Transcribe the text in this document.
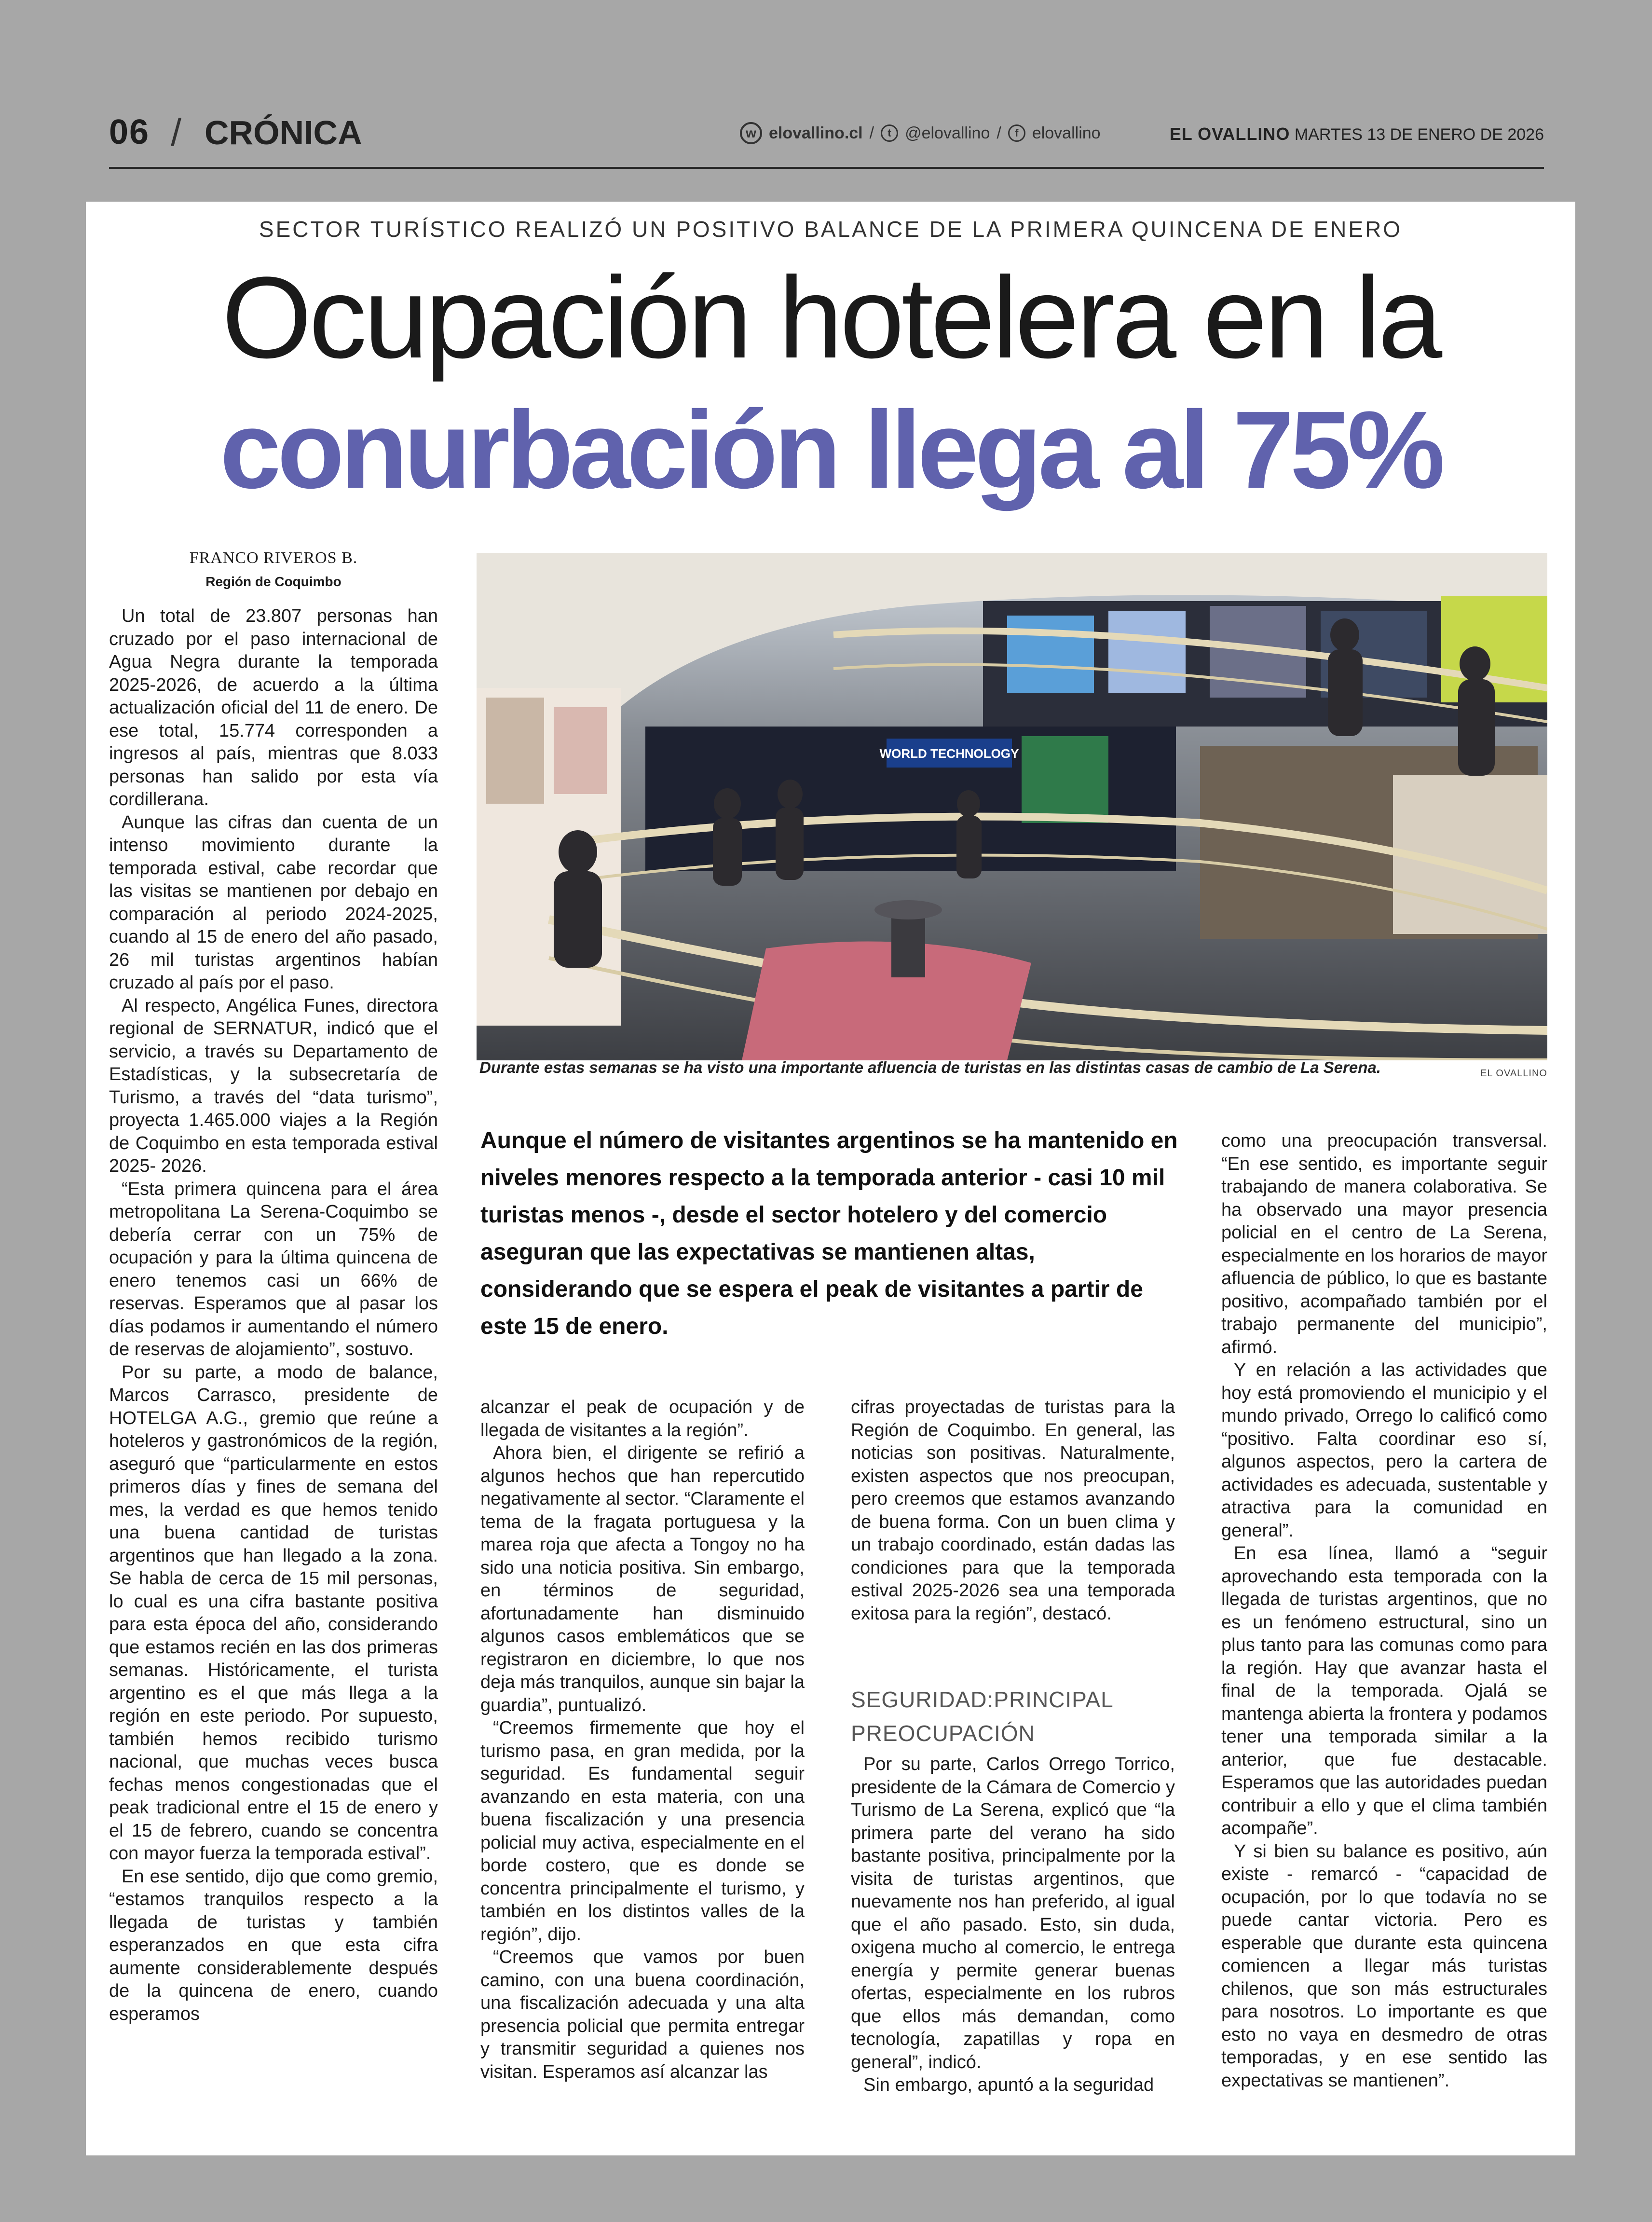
06 / CRÓNICA	w elovallino.cl /	t @elovallino /	f elovallino	EL OVALLINO MARTES 13 DE ENERO DE 2026
SECTOR TURÍSTICO REALIZÓ UN POSITIVO BALANCE DE LA PRIMERA QUINCENA DE ENERO
Ocupación hotelera en la
conurbación llega al 75%
FRANCO RIVEROS B.
Región de Coquimbo

Un total de 23.807 personas han cruzado por el paso internacional de Agua Negra durante la temporada 2025-2026, de acuerdo a la última actualización oficial del 11 de enero. De ese total, 15.774 corresponden a ingresos al país, mientras que 8.033 personas han salido por esta vía cordillerana.

Aunque las cifras dan cuenta de un intenso movimiento durante la temporada estival, cabe recordar que las visitas se mantienen por debajo en comparación al periodo 2024-2025, cuando al 15 de enero del año pasado, 26 mil turistas argentinos habían cruzado al país por el paso.

Al respecto, Angélica Funes, directora regional de SERNATUR, indicó que el servicio, a través su Departamento de Estadísticas, y la subsecretaría de Turismo, a través del “data turismo”, proyecta 1.465.000 viajes a la Región de Coquimbo en esta temporada estival 2025- 2026.

“Esta primera quincena para el área metropolitana La Serena-Coquimbo se debería cerrar con un 75% de ocupación y para la última quincena de enero tenemos casi un 66% de reservas. Esperamos que al pasar los días podamos ir aumentando el número de reservas de alojamiento”, sostuvo.

Por su parte, a modo de balance, Marcos Carrasco, presidente de HOTELGA A.G., gremio que reúne a hoteleros y gastronómicos de la región, aseguró que “particularmente en estos primeros días y fines de semana del mes, la verdad es que hemos tenido una buena cantidad de turistas argentinos que han llegado a la zona. Se habla de cerca de 15 mil personas, lo cual es una cifra bastante positiva para esta época del año, considerando que estamos recién en las dos primeras semanas. Históricamente, el turista argentino es el que más llega a la región en este periodo. Por supuesto, también hemos recibido turismo nacional, que muchas veces busca fechas menos congestionadas que el peak tradicional entre el 15 de enero y el 15 de febrero, cuando se concentra con mayor fuerza la temporada estival”.

En ese sentido, dijo que como gremio, “estamos tranquilos respecto a la llegada de turistas y también esperanzados en que esta cifra aumente considerablemente después de la quincena de enero, cuando esperamos

WORLD TECHNOLOGY
Durante estas semanas se ha visto una importante afluencia de turistas en las distintas casas de cambio de La Serena.	EL OVALLINO
Aunque el número de visitantes argentinos se ha mantenido en niveles menores respecto a la temporada anterior - casi 10 mil turistas menos -, desde el sector hotelero y del comercio aseguran que las expectativas se mantienen altas, considerando que se espera el peak de visitantes a partir de este 15 de enero.

alcanzar el peak de ocupación y de llegada de visitantes a la región”.

Ahora bien, el dirigente se refirió a algunos hechos que han repercutido negativamente al sector. “Claramente el tema de la fragata portuguesa y la marea roja que afecta a Tongoy no ha sido una noticia positiva. Sin embargo, en términos de seguridad, afortunadamente han disminuido algunos casos emblemáticos que se registraron en diciembre, lo que nos deja más tranquilos, aunque sin bajar la guardia”, puntualizó.

“Creemos firmemente que hoy el turismo pasa, en gran medida, por la seguridad. Es fundamental seguir avanzando en esta materia, con una buena fiscalización y una presencia policial muy activa, especialmente en el borde costero, que es donde se concentra principalmente el turismo, y también en los distintos valles de la región”, dijo.

“Creemos que vamos por buen camino, con una buena coordinación, una fiscalización adecuada y una alta presencia policial que permita entregar y transmitir seguridad a quienes nos visitan. Esperamos así alcanzar las

cifras proyectadas de turistas para la Región de Coquimbo. En general, las noticias son positivas. Naturalmente, existen aspectos que nos preocupan, pero creemos que estamos avanzando de buena forma. Con un buen clima y un trabajo coordinado, están dadas las condiciones para que la temporada estival 2025-2026 sea una temporada exitosa para la región”, destacó.

SEGURIDAD:PRINCIPAL PREOCUPACIÓN

Por su parte, Carlos Orrego Torrico, presidente de la Cámara de Comercio y Turismo de La Serena, explicó que “la primera parte del verano ha sido bastante positiva, principalmente por la visita de turistas argentinos, que nuevamente nos han preferido, al igual que el año pasado. Esto, sin duda, oxigena mucho al comercio, le entrega energía y permite generar buenas ofertas, especialmente en los rubros que ellos más demandan, como tecnología, zapatillas y ropa en general”, indicó.

Sin embargo, apuntó a la seguridad

como una preocupación transversal. “En ese sentido, es importante seguir trabajando de manera colaborativa. Se ha observado una mayor presencia policial en el centro de La Serena, especialmente en los horarios de mayor afluencia de público, lo que es bastante positivo, acompañado también por el trabajo permanente del municipio”, afirmó.

Y en relación a las actividades que hoy está promoviendo el municipio y el mundo privado, Orrego lo calificó como “positivo. Falta coordinar eso sí, algunos aspectos, pero la cartera de actividades es adecuada, sustentable y atractiva para la comunidad en general”.

En esa línea, llamó a “seguir aprovechando esta temporada con la llegada de turistas argentinos, que no es un fenómeno estructural, sino un plus tanto para las comunas como para la región. Hay que avanzar hasta el final de la temporada. Ojalá se mantenga abierta la frontera y podamos tener una temporada similar a la anterior, que fue destacable. Esperamos que las autoridades puedan contribuir a ello y que el clima también acompañe”.

Y si bien su balance es positivo, aún existe - remarcó - “capacidad de ocupación, por lo que todavía no se puede cantar victoria. Pero es esperable que durante esta quincena comiencen a llegar más turistas chilenos, que son más estructurales para nosotros. Lo importante es que esto no vaya en desmedro de otras temporadas, y en ese sentido las expectativas se mantienen”.
